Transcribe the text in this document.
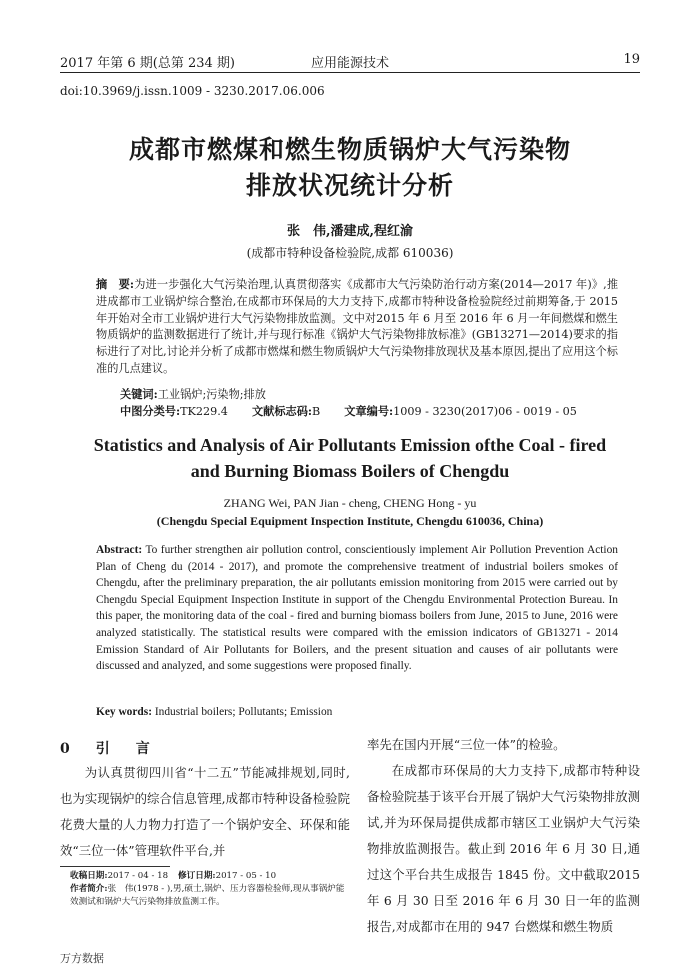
2017 年第 6 期(总第 234 期)	应用能源技术	19
doi:10.3969/j.issn.1009 - 3230.2017.06.006
成都市燃煤和燃生物质锅炉大气污染物
排放状况统计分析
张　伟,潘建成,程红渝
(成都市特种设备检验院,成都 610036)
摘　要:为进一步强化大气污染治理,认真贯彻落实《成都市大气污染防治行动方案(2014—2017 年)》,推进成都市工业锅炉综合整治,在成都市环保局的大力支持下,成都市特种设备检验院经过前期筹备,于 2015 年开始对全市工业锅炉进行大气污染物排放监测。文中对2015 年 6 月至 2016 年 6 月一年间燃煤和燃生物质锅炉的监测数据进行了统计,并与现行标准《锅炉大气污染物排放标准》(GB13271—2014)要求的指标进行了对比,讨论并分析了成都市燃煤和燃生物质锅炉大气污染物排放现状及基本原因,提出了应用这个标准的几点建议。
关键词:工业锅炉;污染物;排放
中图分类号:TK229.4 文献标志码:B 文章编号:1009 - 3230(2017)06 - 0019 - 05
Statistics and Analysis of Air Pollutants Emission ofthe Coal - fired
and Burning Biomass Boilers of Chengdu
ZHANG Wei, PAN Jian - cheng, CHENG Hong - yu
(Chengdu Special Equipment Inspection Institute, Chengdu 610036, China)
Abstract: To further strengthen air pollution control, conscientiously implement Air Pollution Prevention Action Plan of Cheng du (2014 - 2017), and promote the comprehensive treatment of industrial boilers smokes of Chengdu, after the preliminary preparation, the air pollutants emission monitoring from 2015 were carried out by Chengdu Special Equipment Inspection Institute in support of the Chengdu Environmental Protection Bureau. In this paper, the monitoring data of the coal - fired and burning biomass boilers from June, 2015 to June, 2016 were analyzed statistically. The statistical results were compared with the emission indicators of GB13271 - 2014 Emission Standard of Air Pollutants for Boilers, and the present situation and causes of air pollutants were discussed and analyzed, and some suggestions were proposed finally.
Key words: Industrial boilers; Pollutants; Emission
0　 引　言

为认真贯彻四川省“十二五”节能减排规划,同时,也为实现锅炉的综合信息管理,成都市特种设备检验院花费大量的人力物力打造了一个锅炉安全、环保和能效“三位一体”管理软件平台,并

率先在国内开展“三位一体”的检验。

在成都市环保局的大力支持下,成都市特种设备检验院基于该平台开展了锅炉大气污染物排放测试,并为环保局提供成都市辖区工业锅炉大气污染物排放监测报告。截止到 2016 年 6 月 30 日,通过这个平台共生成报告 1845 份。文中截取2015 年 6 月 30 日至 2016 年 6 月 30 日一年的监测报告,对成都市在用的 947 台燃煤和燃生物质

收稿日期:2017 - 04 - 18 修订日期:2017 - 05 - 10
作者简介:张　伟(1978 - ),男,硕士,锅炉、压力容器检验师,现从事锅炉能效测试和锅炉大气污染物排放监测工作。
万方数据
